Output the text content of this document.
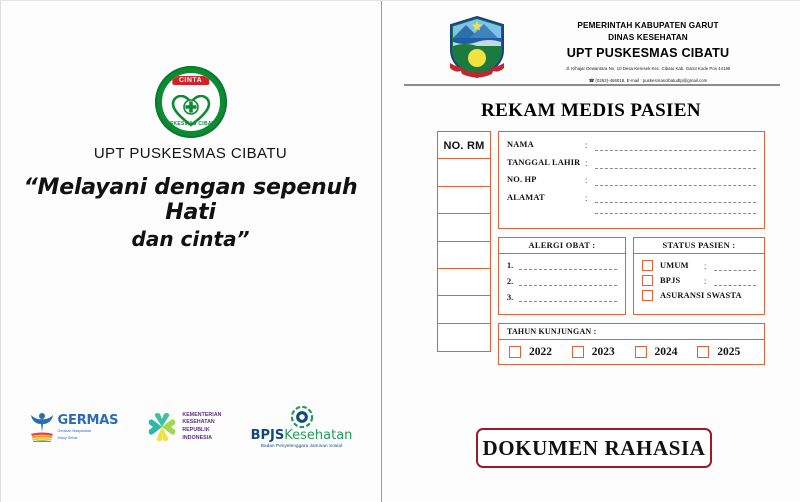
CINTA
PUSKESMAS CIBATU
UPT PUSKESMAS CIBATU
“Melayani dengan sepenuh Hati
dan cinta”
GERMAS
Gerakan Masyarakat
Hidup Sehat
KEMENTERIAN
KESEHATAN
REPUBLIK
INDONESIA	BPJSKesehatan
Badan Penyelenggara Jaminan Sosial
PEMERINTAH KABUPATEN GARUT
DINAS KESEHATAN
UPT PUSKESMAS CIBATU
Jl. Kihajar Dewantara No. 10 Desa Keresek Kec. Cibatu Kab. Garut Kode Pos 44185
☎ (0262)-466018, E-mail : puskesmascibatudtp@gmail.com
REKAM MEDIS PASIEN
NO. RM	NAMA	:
TANGGAL LAHIR :
NO. HP	:
ALAMAT	:
ALERGI OBAT :
1.
2.
3.
STATUS PASIEN :
UMUM	:
BPJS	:
ASURANSI SWASTA
TAHUN KUNJUNGAN :
2022	2023	2024	2025
DOKUMEN RAHASIA
